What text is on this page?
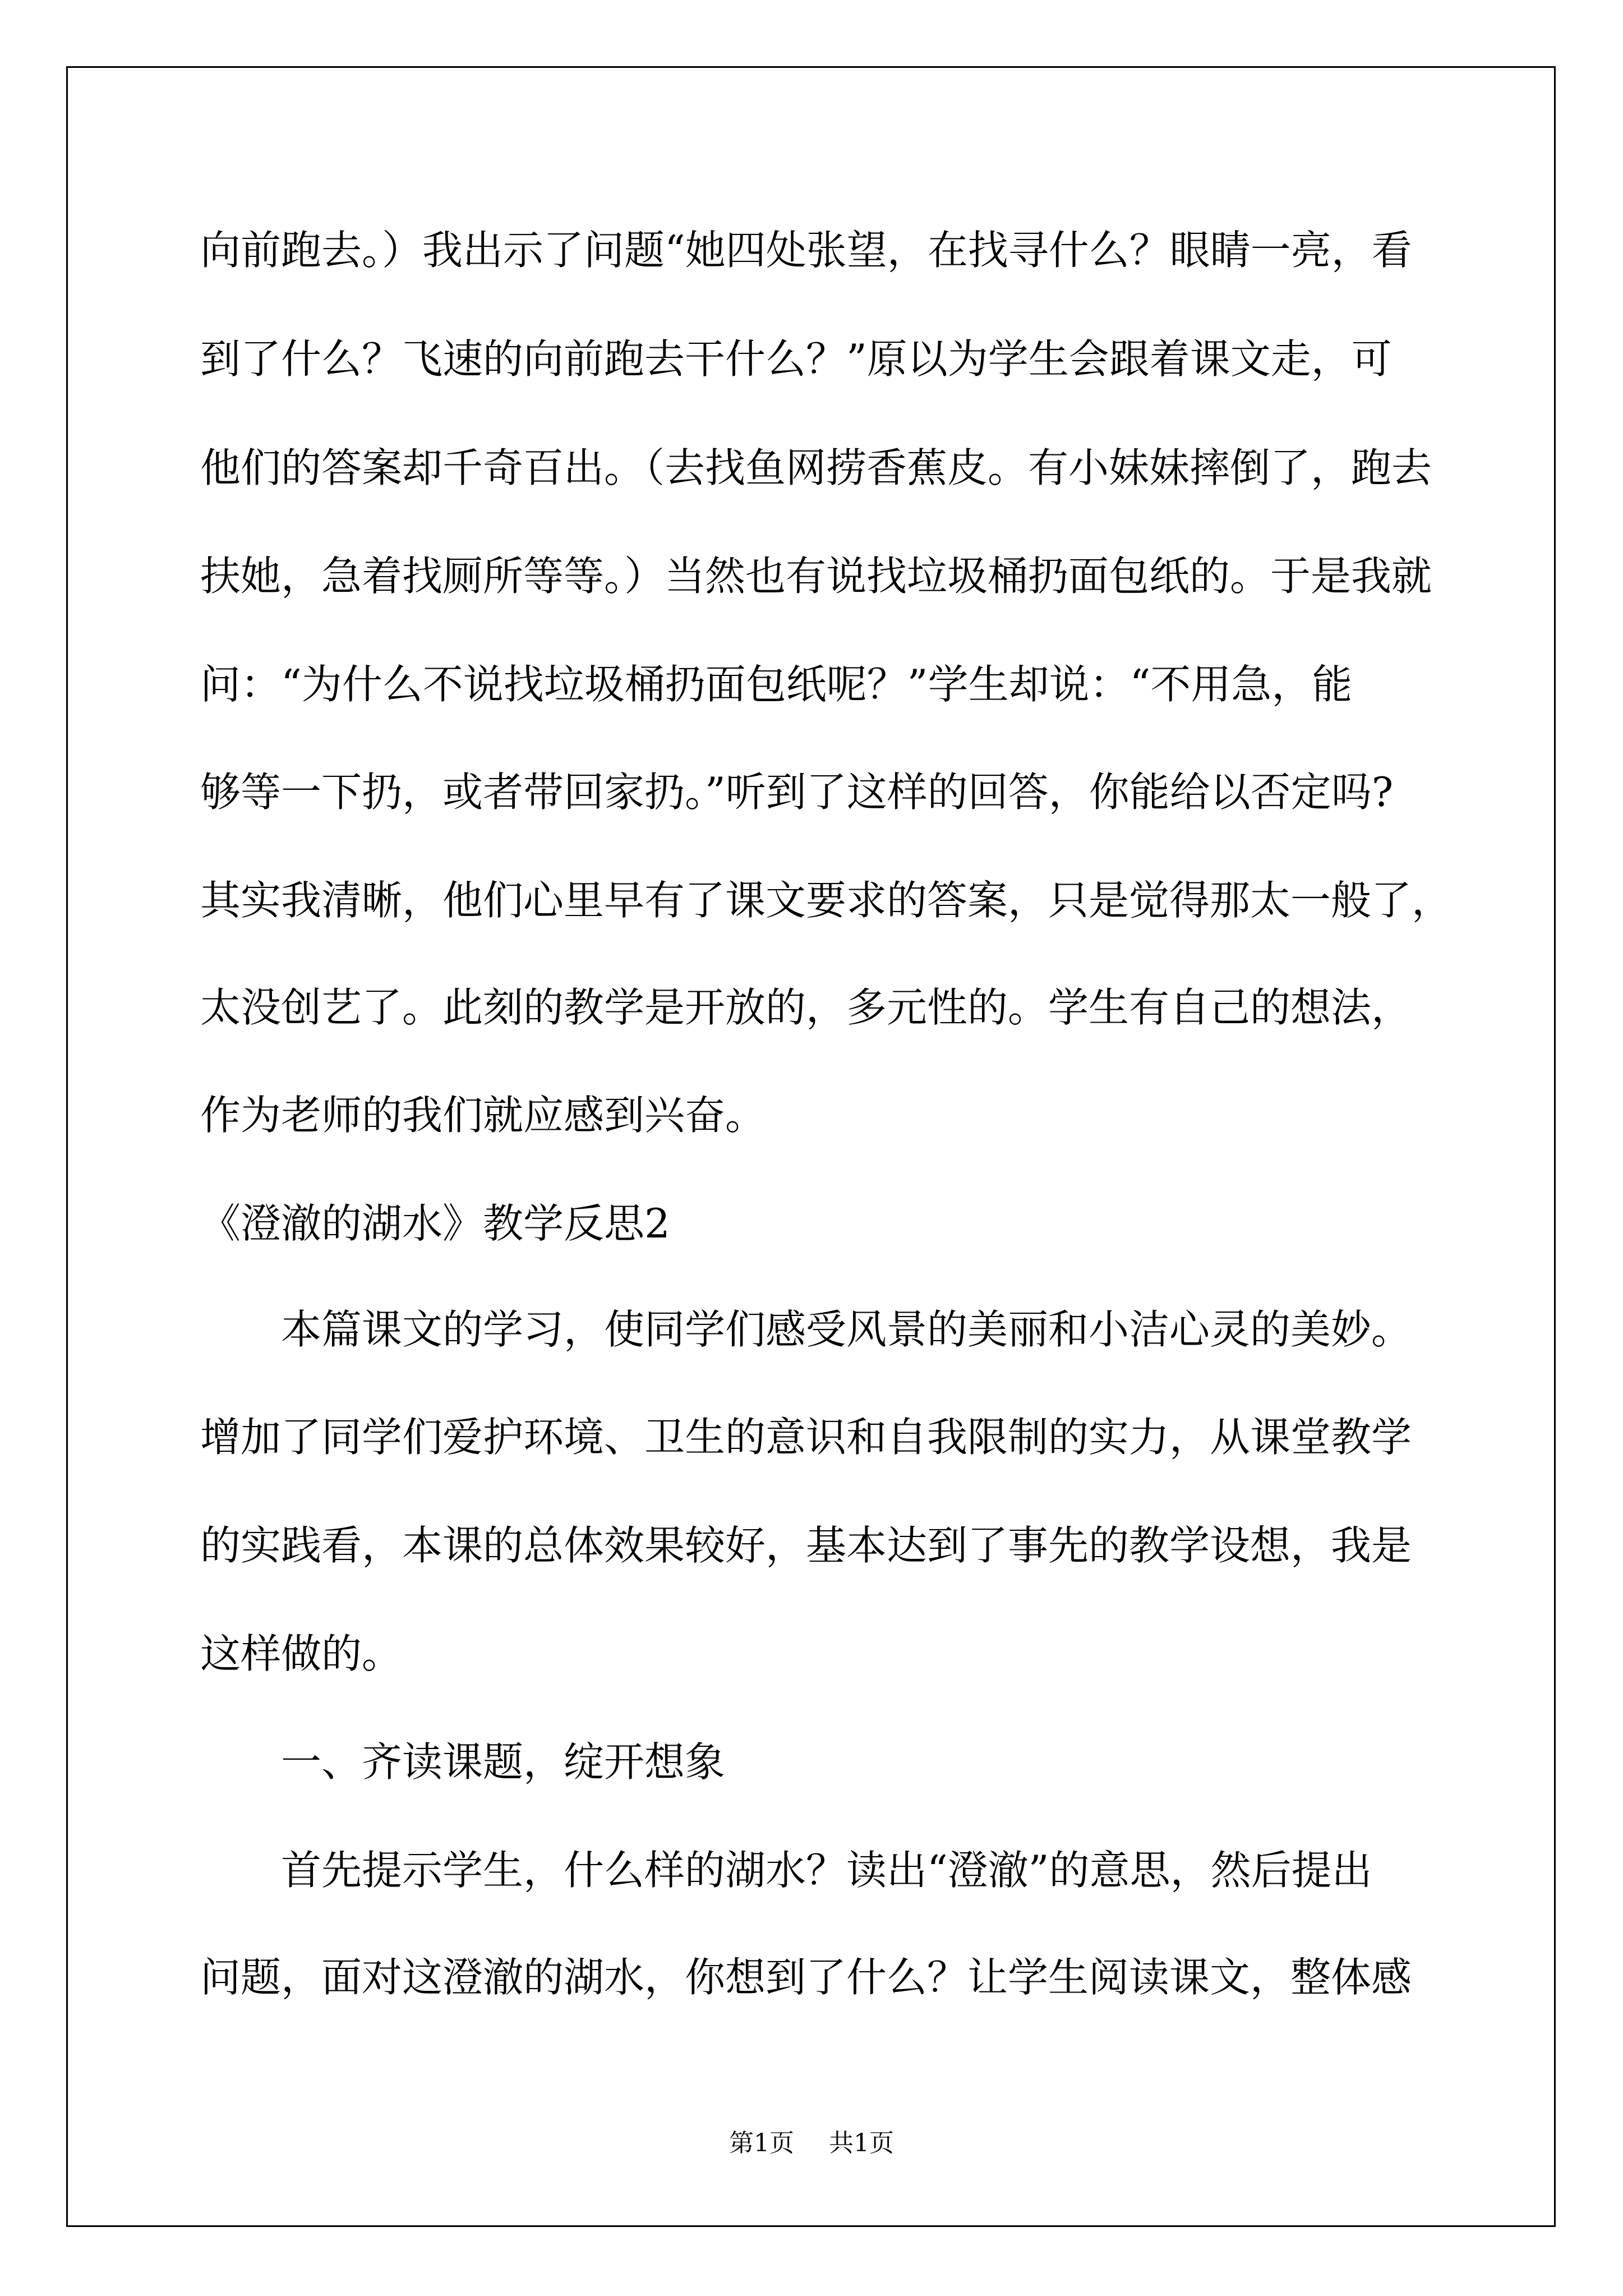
向前跑去。）我出示了问题“她四处张望，在找寻什么？眼睛一亮，看

到了什么？飞速的向前跑去干什么？”原以为学生会跟着课文走，可

他们的答案却千奇百出。（去找鱼网捞香蕉皮。有小妹妹摔倒了，跑去

扶她，急着找厕所等等。）当然也有说找垃圾桶扔面包纸的。于是我就

问：“为什么不说找垃圾桶扔面包纸呢？”学生却说：“不用急，能

够等一下扔，或者带回家扔。”听到了这样的回答，你能给以否定吗?

其实我清晰，他们心里早有了课文要求的答案，只是觉得那太一般了，

太没创艺了。此刻的教学是开放的，多元性的。学生有自己的想法，

作为老师的我们就应感到兴奋。

《澄澈的湖水》教学反思2

本篇课文的学习，使同学们感受风景的美丽和小洁心灵的美妙。

增加了同学们爱护环境、卫生的意识和自我限制的实力，从课堂教学

的实践看，本课的总体效果较好，基本达到了事先的教学设想，我是

这样做的。

一、齐读课题，绽开想象

首先提示学生，什么样的湖水？读出“澄澈”的意思，然后提出

问题，面对这澄澈的湖水，你想到了什么？让学生阅读课文，整体感

第1页 共1页
